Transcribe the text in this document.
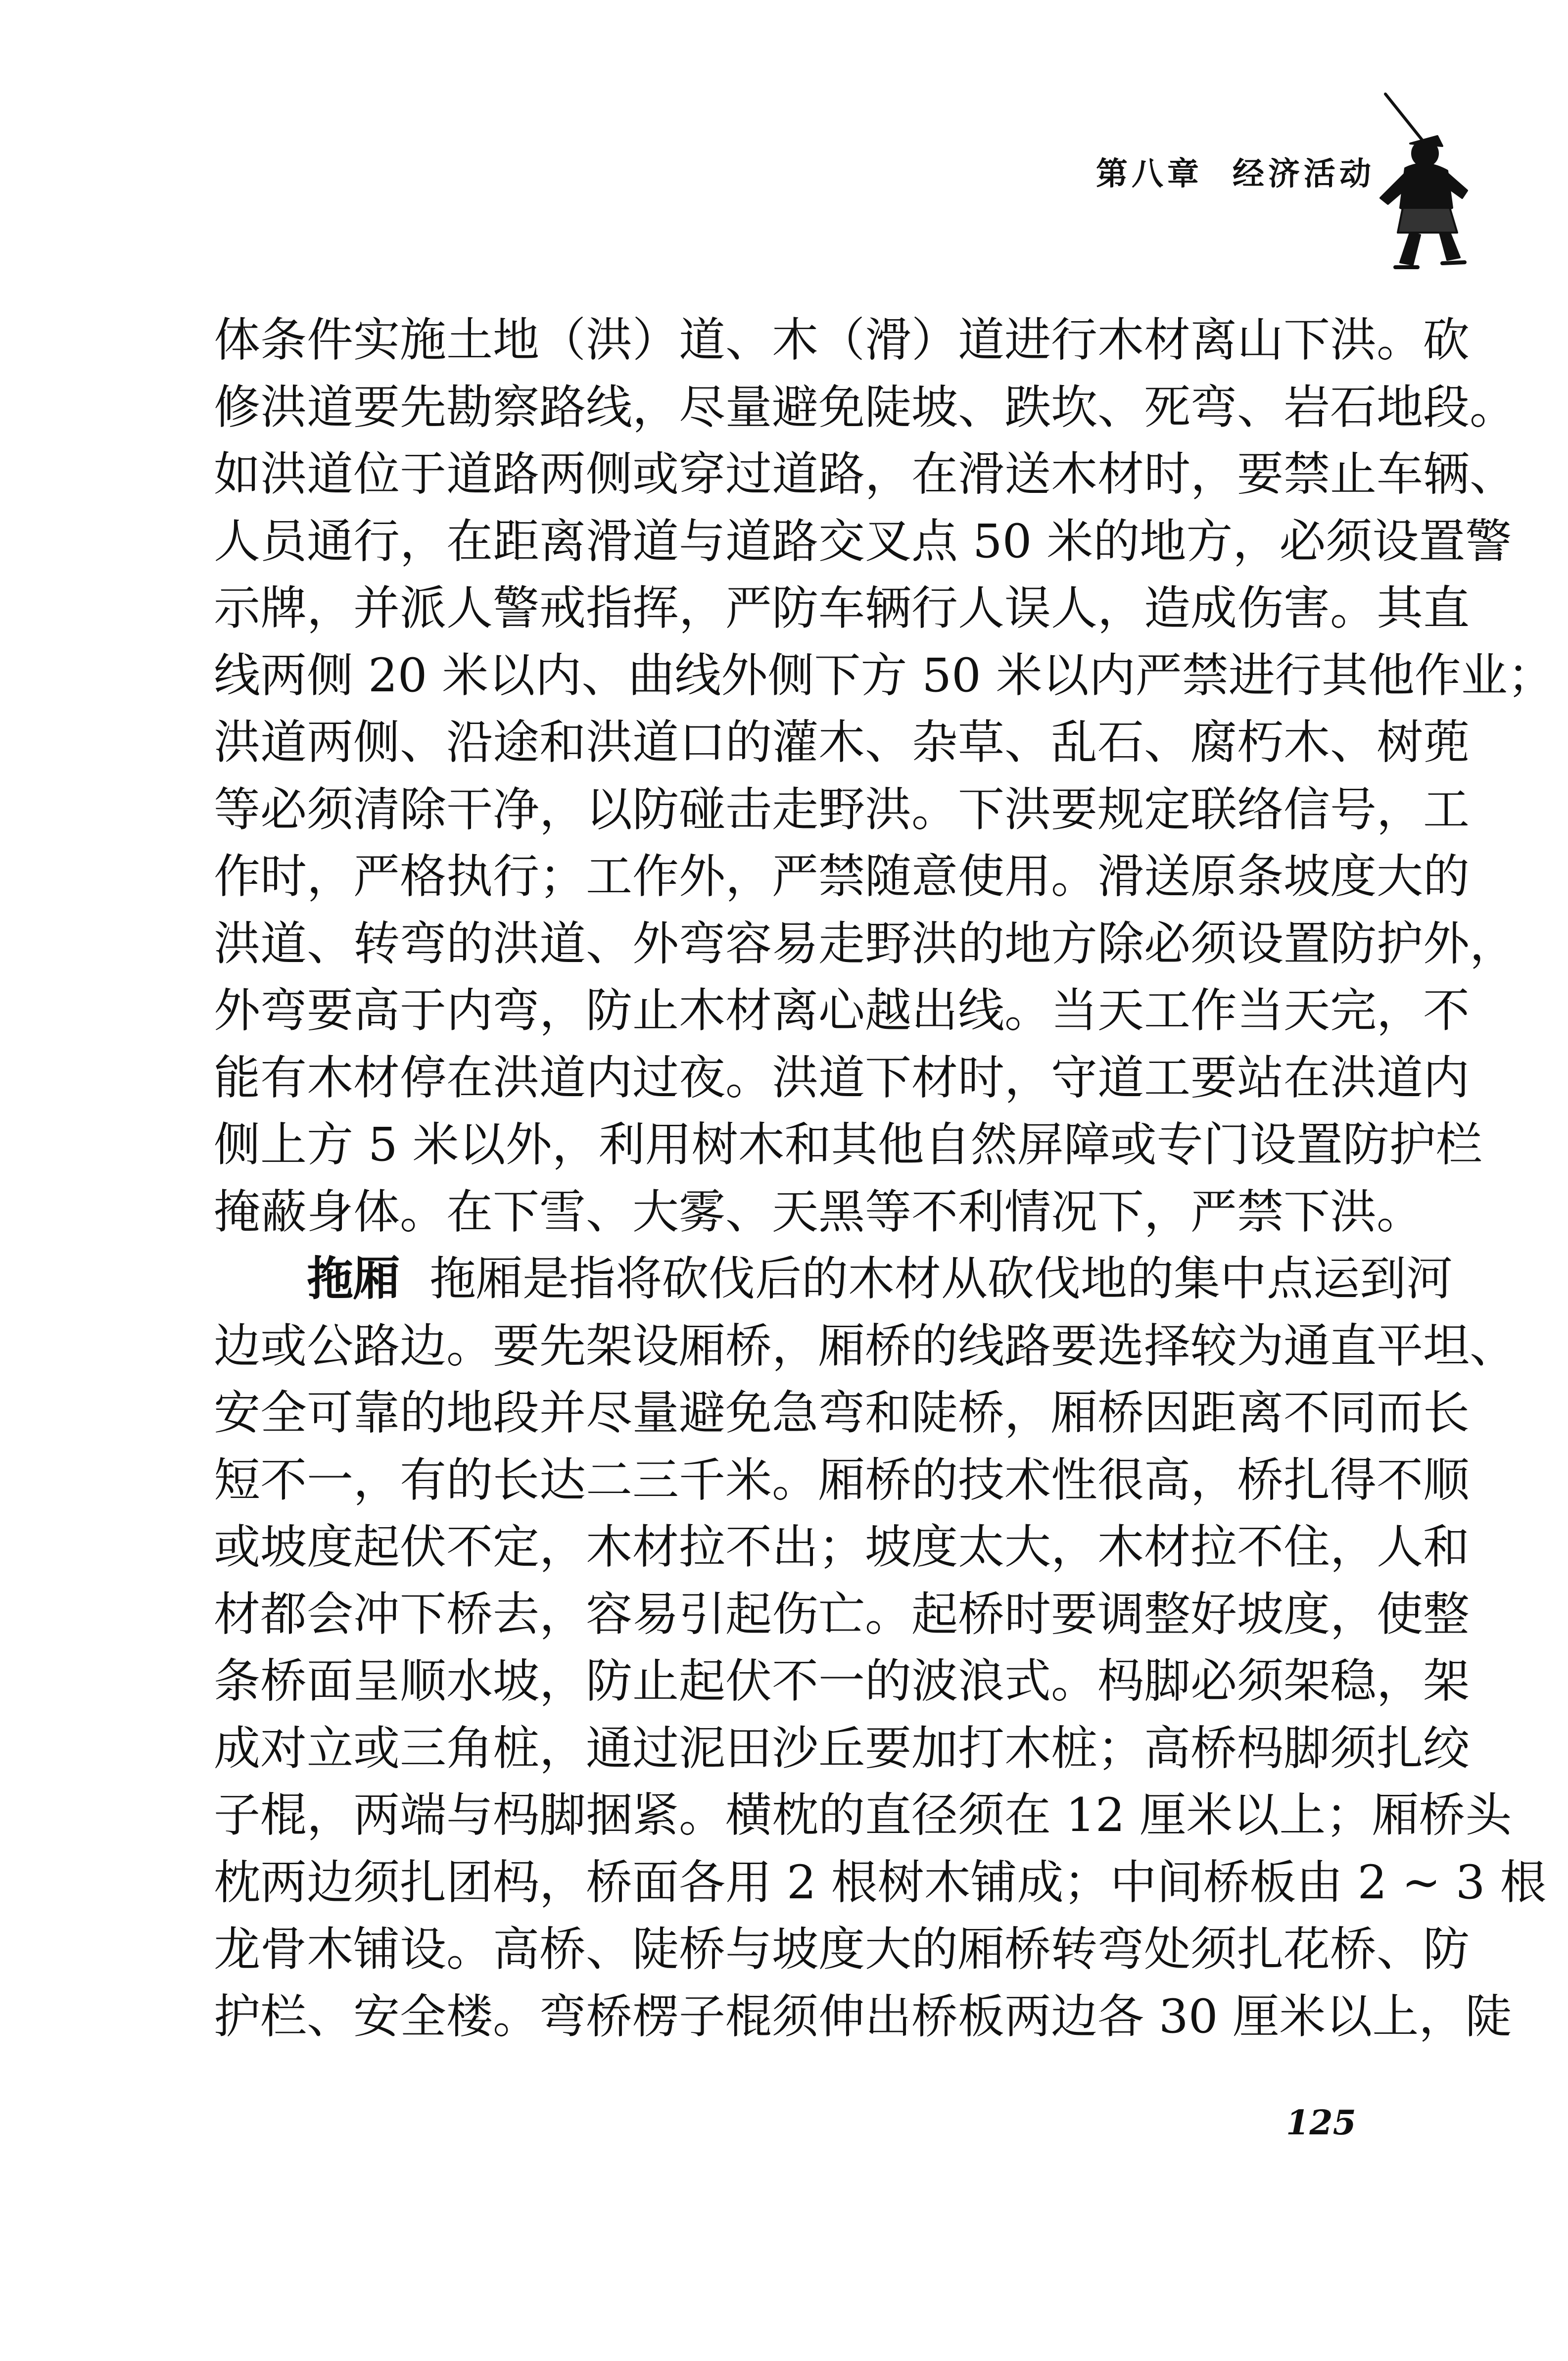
第八章 经济活动
体条件实施土地（洪）道、木（滑）道进行木材离山下洪。砍
修洪道要先勘察路线，尽量避免陡坡、跌坎、死弯、岩石地段。
如洪道位于道路两侧或穿过道路，在滑送木材时，要禁止车辆、
人员通行，在距离滑道与道路交叉点 50 米的地方，必须设置警
示牌，并派人警戒指挥，严防车辆行人误人，造成伤害。其直
线两侧 20 米以内、曲线外侧下方 50 米以内严禁进行其他作业；
洪道两侧、沿途和洪道口的灌木、杂草、乱石、腐朽木、树蔸
等必须清除干净，以防碰击走野洪。下洪要规定联络信号，工
作时，严格执行；工作外，严禁随意使用。滑送原条坡度大的
洪道、转弯的洪道、外弯容易走野洪的地方除必须设置防护外，
外弯要高于内弯，防止木材离心越出线。当天工作当天完，不
能有木材停在洪道内过夜。洪道下材时，守道工要站在洪道内
侧上方 5 米以外，利用树木和其他自然屏障或专门设置防护栏
掩蔽身体。在下雪、大雾、天黑等不利情况下，严禁下洪。
拖厢 拖厢是指将砍伐后的木材从砍伐地的集中点运到河
边或公路边。要先架设厢桥，厢桥的线路要选择较为通直平坦、
安全可靠的地段并尽量避免急弯和陡桥，厢桥因距离不同而长
短不一，有的长达二三千米。厢桥的技术性很高，桥扎得不顺
或坡度起伏不定，木材拉不出；坡度太大，木材拉不住，人和
材都会冲下桥去，容易引起伤亡。起桥时要调整好坡度，使整
条桥面呈顺水坡，防止起伏不一的波浪式。杩脚必须架稳，架
成对立或三角桩，通过泥田沙丘要加打木桩；高桥杩脚须扎绞
子棍，两端与杩脚捆紧。横枕的直径须在 12 厘米以上；厢桥头
枕两边须扎团杩，桥面各用 2 根树木铺成；中间桥板由 2 ~ 3 根
龙骨木铺设。高桥、陡桥与坡度大的厢桥转弯处须扎花桥、防
护栏、安全楼。弯桥楞子棍须伸出桥板两边各 30 厘米以上，陡
125
